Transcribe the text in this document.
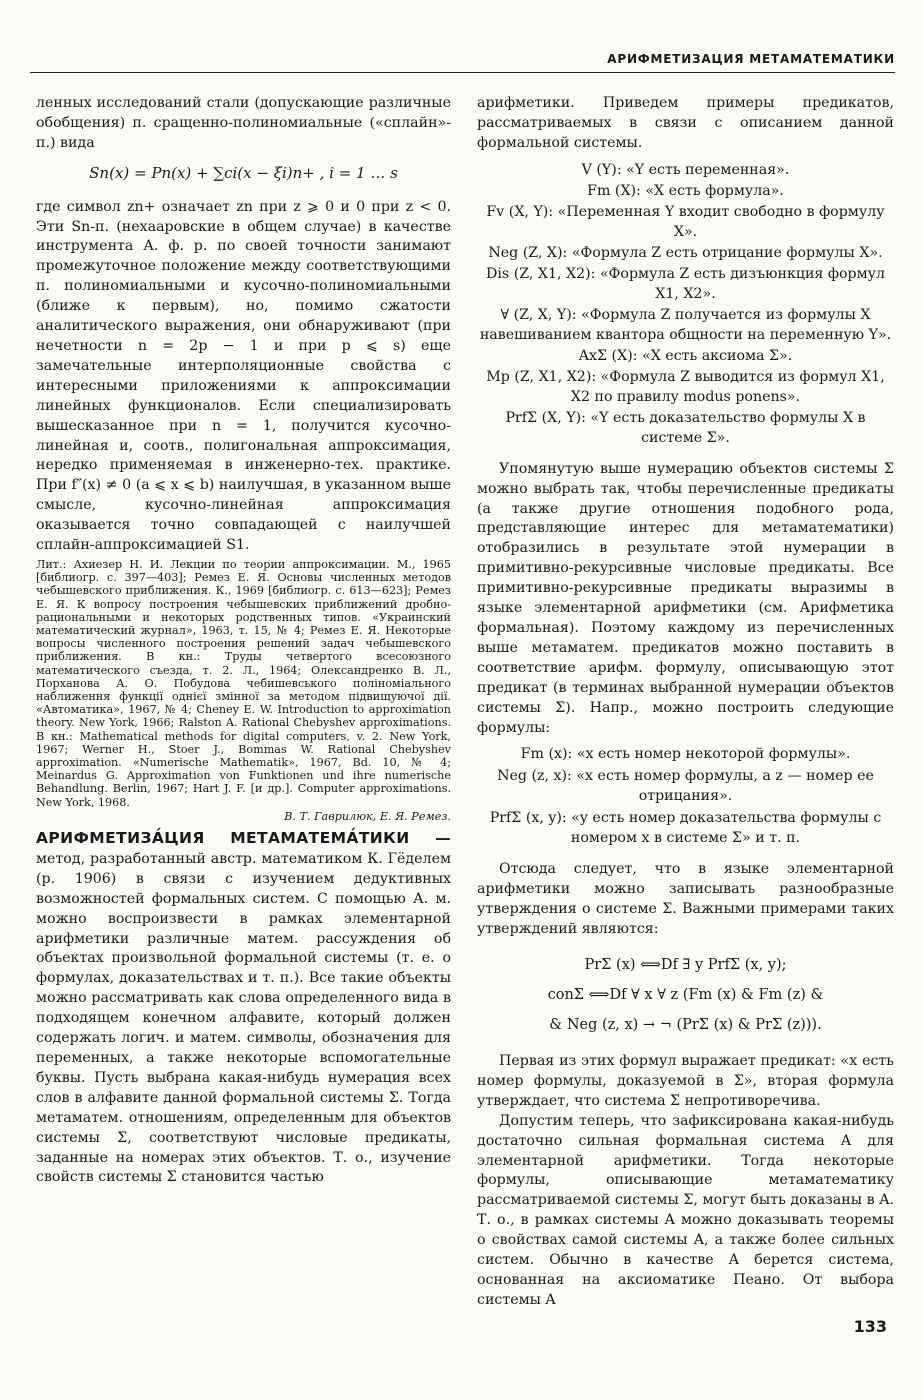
АРИФМЕТИЗАЦИЯ МЕТАМАТЕМАТИКИ

ленных исследований стали (допускающие различные обобщения) п. сращенно-полиномиальные («сплайн»-п.) вида

Sn(x) = Pn(x) + ∑ci(x − ξi)n+ , i = 1 … s

где символ zn+ означает zn при z ⩾ 0 и 0 при z < 0. Эти Sn-п. (нехааровские в общем случае) в качестве инструмента А. ф. р. по своей точности занимают промежуточное положение между соответствующими п. полиномиальными и кусочно-полиномиальными (ближе к первым), но, помимо сжатости аналитического выражения, они обнаруживают (при нечетности n = 2p − 1 и при p ⩽ s) еще замечательные интерполяционные свойства с интересными приложениями к аппроксимации линейных функционалов. Если специализировать вышесказанное при n = 1, получится кусочно-линейная и, соотв., полигональная аппроксимация, нередко применяемая в инженерно-тех. практике. При f″(x) ≠ 0 (a ⩽ x ⩽ b) наилучшая, в указанном выше смысле, кусочно-линейная аппроксимация оказывается точно совпадающей с наилучшей сплайн-аппроксимацией S1.

Лит.: Ахиезер Н. И. Лекции по теории аппроксимации. М., 1965 [библиогр. с. 397—403]; Ремез Е. Я. Основы численных методов чебышевского приближения. К., 1969 [библиогр. с. 613—623]; Ремез Е. Я. К вопросу построения чебышевских приближений дробно-рациональными и некоторых родственных типов. «Украинский математический журнал», 1963, т. 15, № 4; Ремез Е. Я. Некоторые вопросы численного построения решений задач чебышевского приближения. В кн.: Труды четвертого всесоюзного математического съезда, т. 2. Л., 1964; Олександренко В. Л., Порханова А. О. Побудова чебишевського поліноміального наближення функції однієї змінної за методом підвищуючої дії. «Автоматика», 1967, № 4; Cheney E. W. Introduction to approximation theory. New York, 1966; Ralston A. Rational Chebyshev approximations. В кн.: Mathematical methods for digital computers, v. 2. New York, 1967; Werner H., Stoer J., Bommas W. Rational Chebyshev approximation. «Numerische Mathematik», 1967, Bd. 10, № 4; Meinardus G. Approximation von Funktionen und ihre numerische Behandlung. Berlin, 1967; Hart J. F. [и др.]. Computer approximations. New York, 1968.
В. Т. Гаврилюк, Е. Я. Ремез.

АРИФМЕТИЗА́ЦИЯ МЕТАМАТЕМА́ТИКИ — метод, разработанный австр. математиком К. Гёделем (р. 1906) в связи с изучением дедуктивных возможностей формальных систем. С помощью А. м. можно воспроизвести в рамках элементарной арифметики различные матем. рассуждения об объектах произвольной формальной системы (т. е. о формулах, доказательствах и т. п.). Все такие объекты можно рассматривать как слова определенного вида в подходящем конечном алфавите, который должен содержать логич. и матем. символы, обозначения для переменных, а также некоторые вспомогательные буквы. Пусть выбрана какая-нибудь нумерация всех слов в алфавите данной формальной системы Σ. Тогда метаматем. отношениям, определенным для объектов системы Σ, соответствуют числовые предикаты, заданные на номерах этих объектов. Т. о., изучение свойств системы Σ становится частью

арифметики. Приведем примеры предикатов, рассматриваемых в связи с описанием данной формальной системы.

V (Y): «Y есть переменная».
Fm (X): «X есть формула».
Fv (X, Y): «Переменная Y входит свободно в формулу X».
Neg (Z, X): «Формула Z есть отрицание формулы X».
Dis (Z, X1, X2): «Формула Z есть дизъюнкция формул X1, X2».
∀ (Z, X, Y): «Формула Z получается из формулы X навешиванием квантора общности на переменную Y».
AxΣ (X): «X есть аксиома Σ».
Mp (Z, X1, X2): «Формула Z выводится из формул X1, X2 по правилу modus ponens».
PrfΣ (X, Y): «Y есть доказательство формулы X в системе Σ».

Упомянутую выше нумерацию объектов системы Σ можно выбрать так, чтобы перечисленные предикаты (а также другие отношения подобного рода, представляющие интерес для метаматематики) отобразились в результате этой нумерации в примитивно-рекурсивные числовые предикаты. Все примитивно-рекурсивные предикаты выразимы в языке элементарной арифметики (см. Арифметика формальная). Поэтому каждому из перечисленных выше метаматем. предикатов можно поставить в соответствие арифм. формулу, описывающую этот предикат (в терминах выбранной нумерации объектов системы Σ). Напр., можно построить следующие формулы:

Fm (x): «x есть номер некоторой формулы».
Neg (z, x): «x есть номер формулы, а z — номер ее отрицания».
PrfΣ (x, y): «y есть номер доказательства формулы с номером x в системе Σ» и т. п.

Отсюда следует, что в языке элементарной арифметики можно записывать разнообразные утверждения о системе Σ. Важными примерами таких утверждений являются:

PrΣ (x) ⟺Df ∃ y PrfΣ (x, y);
conΣ ⟺Df ∀ x ∀ z (Fm (x) & Fm (z) &
& Neg (z, x) → ¬ (PrΣ (x) & PrΣ (z))).

Первая из этих формул выражает предикат: «x есть номер формулы, доказуемой в Σ», вторая формула утверждает, что система Σ непротиворечива.

Допустим теперь, что зафиксирована какая-нибудь достаточно сильная формальная система A для элементарной арифметики. Тогда некоторые формулы, описывающие метаматематику рассматриваемой системы Σ, могут быть доказаны в A. Т. о., в рамках системы A можно доказывать теоремы о свойствах самой системы A, а также более сильных систем. Обычно в качестве A берется система, основанная на аксиоматике Пеано. От выбора системы A

133
